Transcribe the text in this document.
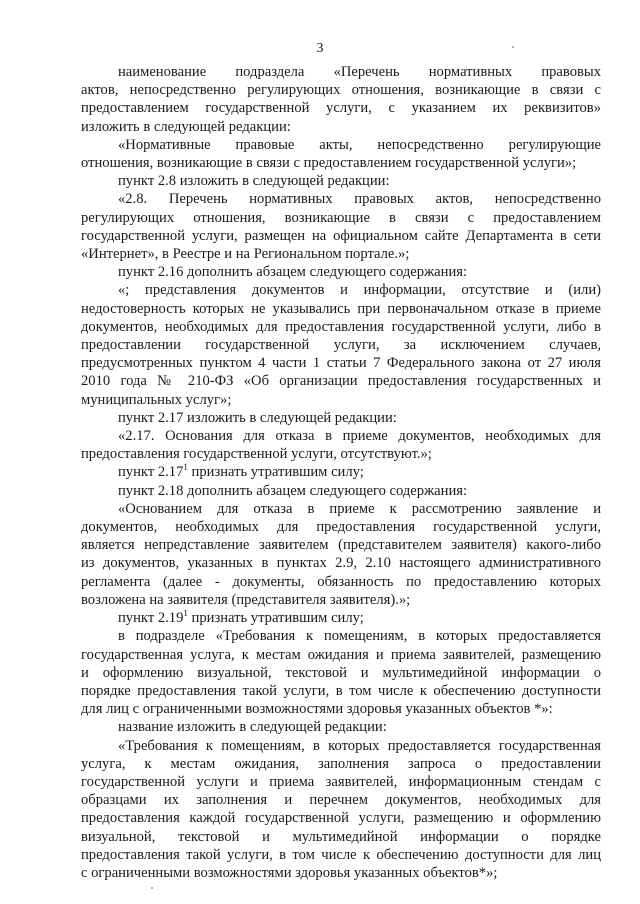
3
наименование подраздела «Перечень нормативных правовых
актов, непосредственно регулирующих отношения, возникающие в связи с
предоставлением государственной услуги, с указанием их реквизитов»
изложить в следующей редакции:
«Нормативные правовые акты, непосредственно регулирующие
отношения, возникающие в связи с предоставлением государственной услуги»;
пункт 2.8 изложить в следующей редакции:
«2.8. Перечень нормативных правовых актов, непосредственно
регулирующих отношения, возникающие в связи с предоставлением
государственной услуги, размещен на официальном сайте Департамента в сети
«Интернет», в Реестре и на Региональном портале.»;
пункт 2.16 дополнить абзацем следующего содержания:
«; представления документов и информации, отсутствие и (или)
недостоверность которых не указывались при первоначальном отказе в приеме
документов, необходимых для предоставления государственной услуги, либо в
предоставлении государственной услуги, за исключением случаев,
предусмотренных пунктом 4 части 1 статьи 7 Федерального закона от 27 июля
2010 года № 210-ФЗ «Об организации предоставления государственных и
муниципальных услуг»;
пункт 2.17 изложить в следующей редакции:
«2.17. Основания для отказа в приеме документов, необходимых для
предоставления государственной услуги, отсутствуют.»;
пункт 2.17$^1$ признать утратившим силу;
пункт 2.18 дополнить абзацем следующего содержания:
«Основанием для отказа в приеме к рассмотрению заявление и
документов, необходимых для предоставления государственной услуги,
является непредставление заявителем (представителем заявителя) какого-либо
из документов, указанных в пунктах 2.9, 2.10 настоящего административного
регламента (далее - документы, обязанность по предоставлению которых
возложена на заявителя (представителя заявителя).»;
пункт 2.19$^1$ признать утратившим силу;
в подразделе «Требования к помещениям, в которых предоставляется
государственная услуга, к местам ожидания и приема заявителей, размещению
и оформлению визуальной, текстовой и мультимедийной информации о
порядке предоставления такой услуги, в том числе к обеспечению доступности
для лиц с ограниченными возможностями здоровья указанных объектов *»:
название изложить в следующей редакции:
«Требования к помещениям, в которых предоставляется государственная
услуга, к местам ожидания, заполнения запроса о предоставлении
государственной услуги и приема заявителей, информационным стендам с
образцами их заполнения и перечнем документов, необходимых для
предоставления каждой государственной услуги, размещению и оформлению
визуальной, текстовой и мультимедийной информации о порядке
предоставления такой услуги, в том числе к обеспечению доступности для лиц
с ограниченными возможностями здоровья указанных объектов*»;
